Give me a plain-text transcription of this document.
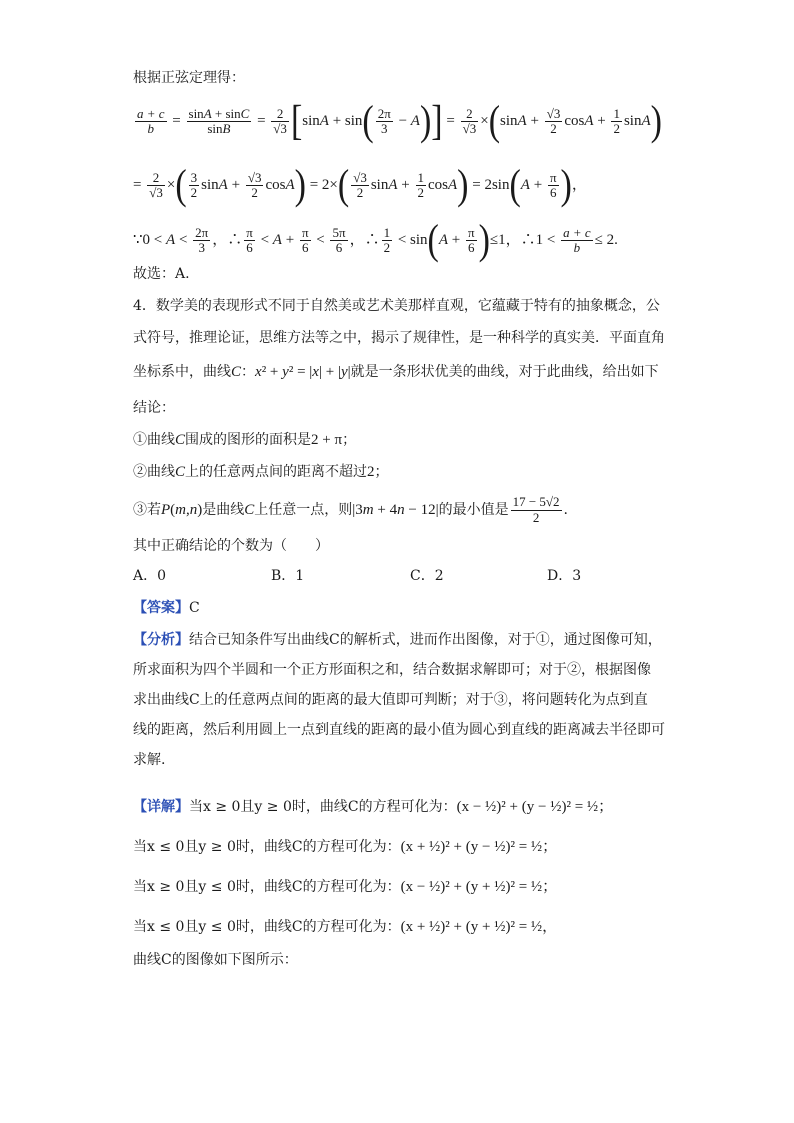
根据正弦定理得：
$\frac{a + c}{b} = \frac{\sin A + \sin C}{\sin B} = \frac{2}{√3} [\sin A + \sin( \frac{2\pi}{3} - A)] = \frac{2}{√3} \times(\sin A + \frac{√3}{2}$ $\cos A + \frac{1}{2} \sin A$)
= $\frac{2}{√3}$ ×( $\frac{3}{2}$ $\sin A + \frac{√3}{2} \cos A) = 2\times( \frac{√3}{2}$ $\sin A + \frac{1}{2} \cos A) = 2\sin(A + \frac{\pi}{6}$ )，
∵0 < $A < \frac{2\pi}{3}$ ，∴ $\frac{\pi}{6} < A + \frac{\pi}{6} < \frac{5\pi}{6}$ ，∴ $\frac{1}{2} < \sin(A + \frac{\pi}{6} )\le 1$，∴1 < $\frac{a + c}{b} \le 2$.
故选：A.
4．数学美的表现形式不同于自然美或艺术美那样直观，它蕴藏于特有的抽象概念，公
式符号，推理论证，思维方法等之中，揭示了规律性，是一种科学的真实美．平面直角
坐标系中，曲线C：x² + y² = |x| + |y|就是一条形状优美的曲线，对于此曲线，给出如下
结论：
①曲线C围成的图形的面积是2 + π；
②曲线C上的任意两点间的距离不超过2；
③若P(m,n)是曲线C上任意一点，则|3m + 4n − 12|的最小值是 $\frac{17 - 5√2}{2}$ .
其中正确结论的个数为（　　）
A．0	B．1	C．2	D．3
【答案】C
【分析】结合已知条件写出曲线C的解析式，进而作出图像，对于①，通过图像可知，
所求面积为四个半圆和一个正方形面积之和，结合数据求解即可；对于②，根据图像
求出曲线C上的任意两点间的距离的最大值即可判断；对于③，将问题转化为点到直
线的距离，然后利用圆上一点到直线的距离的最小值为圆心到直线的距离减去半径即可
求解.
【详解】当x ≥ 0且y ≥ 0时，曲线C的方程可化为：(x − ½)² + (y − ½)² = ½；
当x ≤ 0且y ≥ 0时，曲线C的方程可化为：(x + ½)² + (y − ½)² = ½；
当x ≥ 0且y ≤ 0时，曲线C的方程可化为：(x − ½)² + (y + ½)² = ½；
当x ≤ 0且y ≤ 0时，曲线C的方程可化为：(x + ½)² + (y + ½)² = ½，
曲线C的图像如下图所示：
